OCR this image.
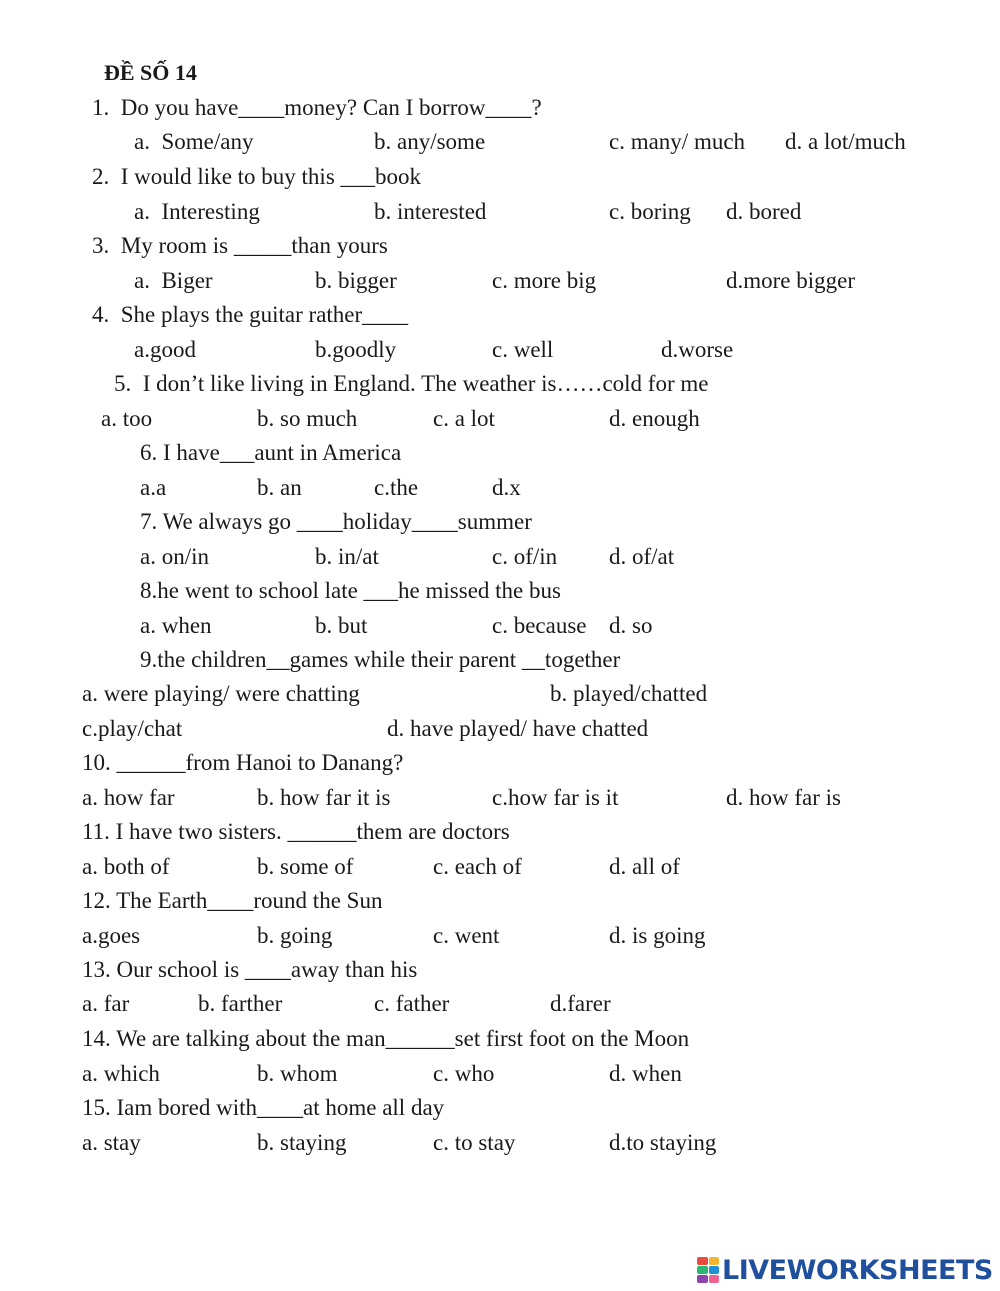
ĐỀ SỐ 14
1.  Do you have____money? Can I borrow____?
a.  Some/any	b. any/some	c. many/ much d. a lot/much
2.  I would like to buy this ___book
a.  Interesting	b. interested	c. boring d. bored
3.  My room is _____than yours
a.  Biger	b. bigger	c. more big	d.more bigger
4.  She plays the guitar rather____
a.good	b.goodly	c. well	d.worse
5.  I don’t like living in England. The weather is……cold for me
a. too	b. so much	c. a lot	d. enough
6. I have___aunt in America
a.a	b. an	c.the	d.x
7. We always go ____holiday____summer
a. on/in	b. in/at	c. of/in d. of/at
8.he went to school late ___he missed the bus
a. when	b. but	c. because d. so
9.the children__games while their parent __together
a. were playing/ were chatting	b. played/chatted
c.play/chat	d. have played/ have chatted
10. ______from Hanoi to Danang?
a. how far	b. how far it is	c.how far is it	d. how far is
11. I have two sisters. ______them are doctors
a. both of	b. some of	c. each of	d. all of
12. The Earth____round the Sun
a.goes	b. going	c. went	d. is going
13. Our school is ____away than his
a. far	b. farther	c. father	d.farer
14. We are talking about the man______set first foot on the Moon
a. which	b. whom	c. who	d. when
15. Iam bored with____at home all day
a. stay	b. staying	c. to stay	d.to staying
LIVEWORKSHEETS
